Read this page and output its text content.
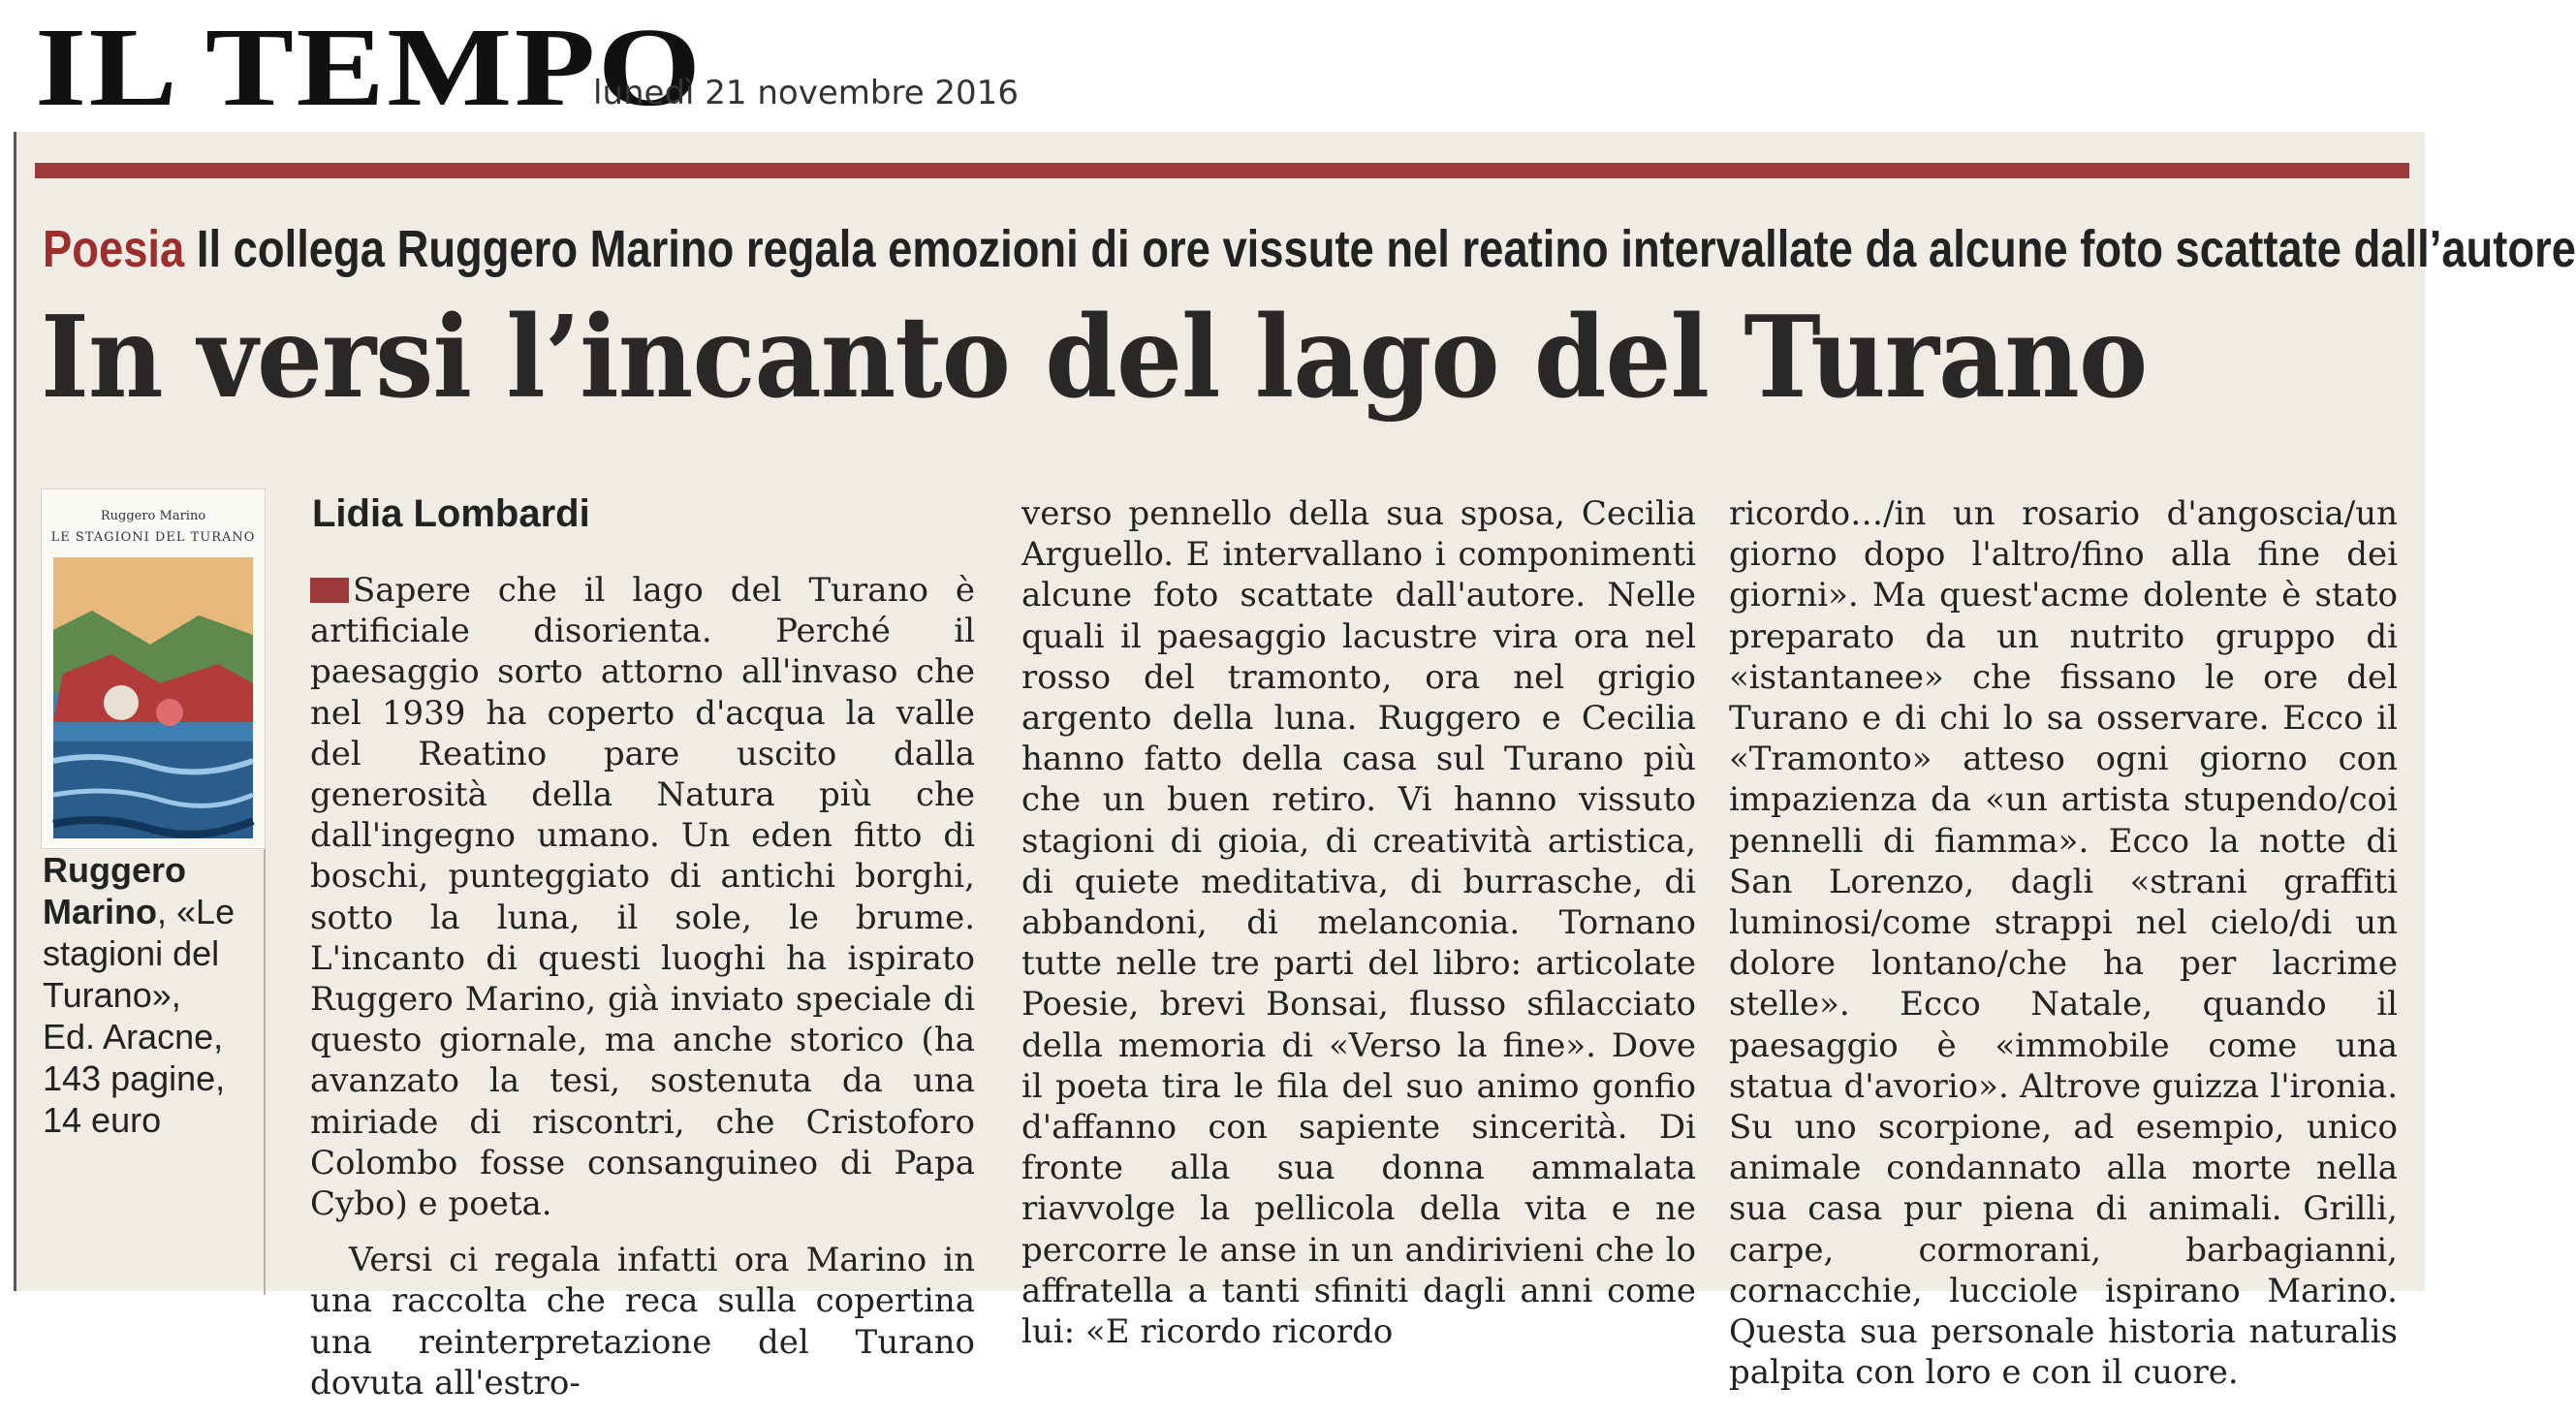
IL TEMPO
lunedì 21 novembre 2016
Poesia Il collega Ruggero Marino regala emozioni di ore vissute nel reatino intervallate da alcune foto scattate dall’autore
In versi l’incanto del lago del Turano
Ruggero Marino
LE STAGIONI DEL TURANO
Ruggero Marino, «Le stagioni del Turano», Ed. Aracne, 143 pagine, 14 euro
Lidia Lombardi

Sapere che il lago del Turano è artificiale disorienta. Perché il paesaggio sorto attorno all'invaso che nel 1939 ha coperto d'acqua la valle del Reatino pare uscito dalla generosità della Natura più che dall'ingegno umano. Un eden fitto di boschi, punteggiato di antichi borghi, sotto la luna, il sole, le brume. L'incanto di questi luoghi ha ispirato Ruggero Marino, già inviato speciale di questo giornale, ma anche storico (ha avanzato la tesi, sostenuta da una miriade di riscontri, che Cristoforo Colombo fosse consanguineo di Papa Cybo) e poeta.

Versi ci regala infatti ora Marino in una raccolta che reca sulla copertina una reinterpretazione del Turano dovuta all'estro-

verso pennello della sua sposa, Cecilia Arguello. E intervallano i componimenti alcune foto scattate dall'autore. Nelle quali il paesaggio lacustre vira ora nel rosso del tramonto, ora nel grigio argento della luna. Ruggero e Cecilia hanno fatto della casa sul Turano più che un buen retiro. Vi hanno vissuto stagioni di gioia, di creatività artistica, di quiete meditativa, di burrasche, di abbandoni, di melanconia. Tornano tutte nelle tre parti del libro: articolate Poesie, brevi Bonsai, flusso sfilacciato della memoria di «Verso la fine». Dove il poeta tira le fila del suo animo gonfio d'affanno con sapiente sincerità. Di fronte alla sua donna ammalata riavvolge la pellicola della vita e ne percorre le anse in un andirivieni che lo affratella a tanti sfiniti dagli anni come lui: «E ricordo ricordo

ricordo…/in un rosario d'angoscia/un giorno dopo l'altro/fino alla fine dei giorni». Ma quest'acme dolente è stato preparato da un nutrito gruppo di «istantanee» che fissano le ore del Turano e di chi lo sa osservare. Ecco il «Tramonto» atteso ogni giorno con impazienza da «un artista stupendo/coi pennelli di fiamma». Ecco la notte di San Lorenzo, dagli «strani graffiti luminosi/come strappi nel cielo/di un dolore lontano/che ha per lacrime stelle». Ecco Natale, quando il paesaggio è «immobile come una statua d'avorio». Altrove guizza l'ironia. Su uno scorpione, ad esempio, unico animale condannato alla morte nella sua casa pur piena di animali. Grilli, carpe, cormorani, barbagianni, cornacchie, lucciole ispirano Marino. Questa sua personale historia naturalis palpita con loro e con il cuore.
